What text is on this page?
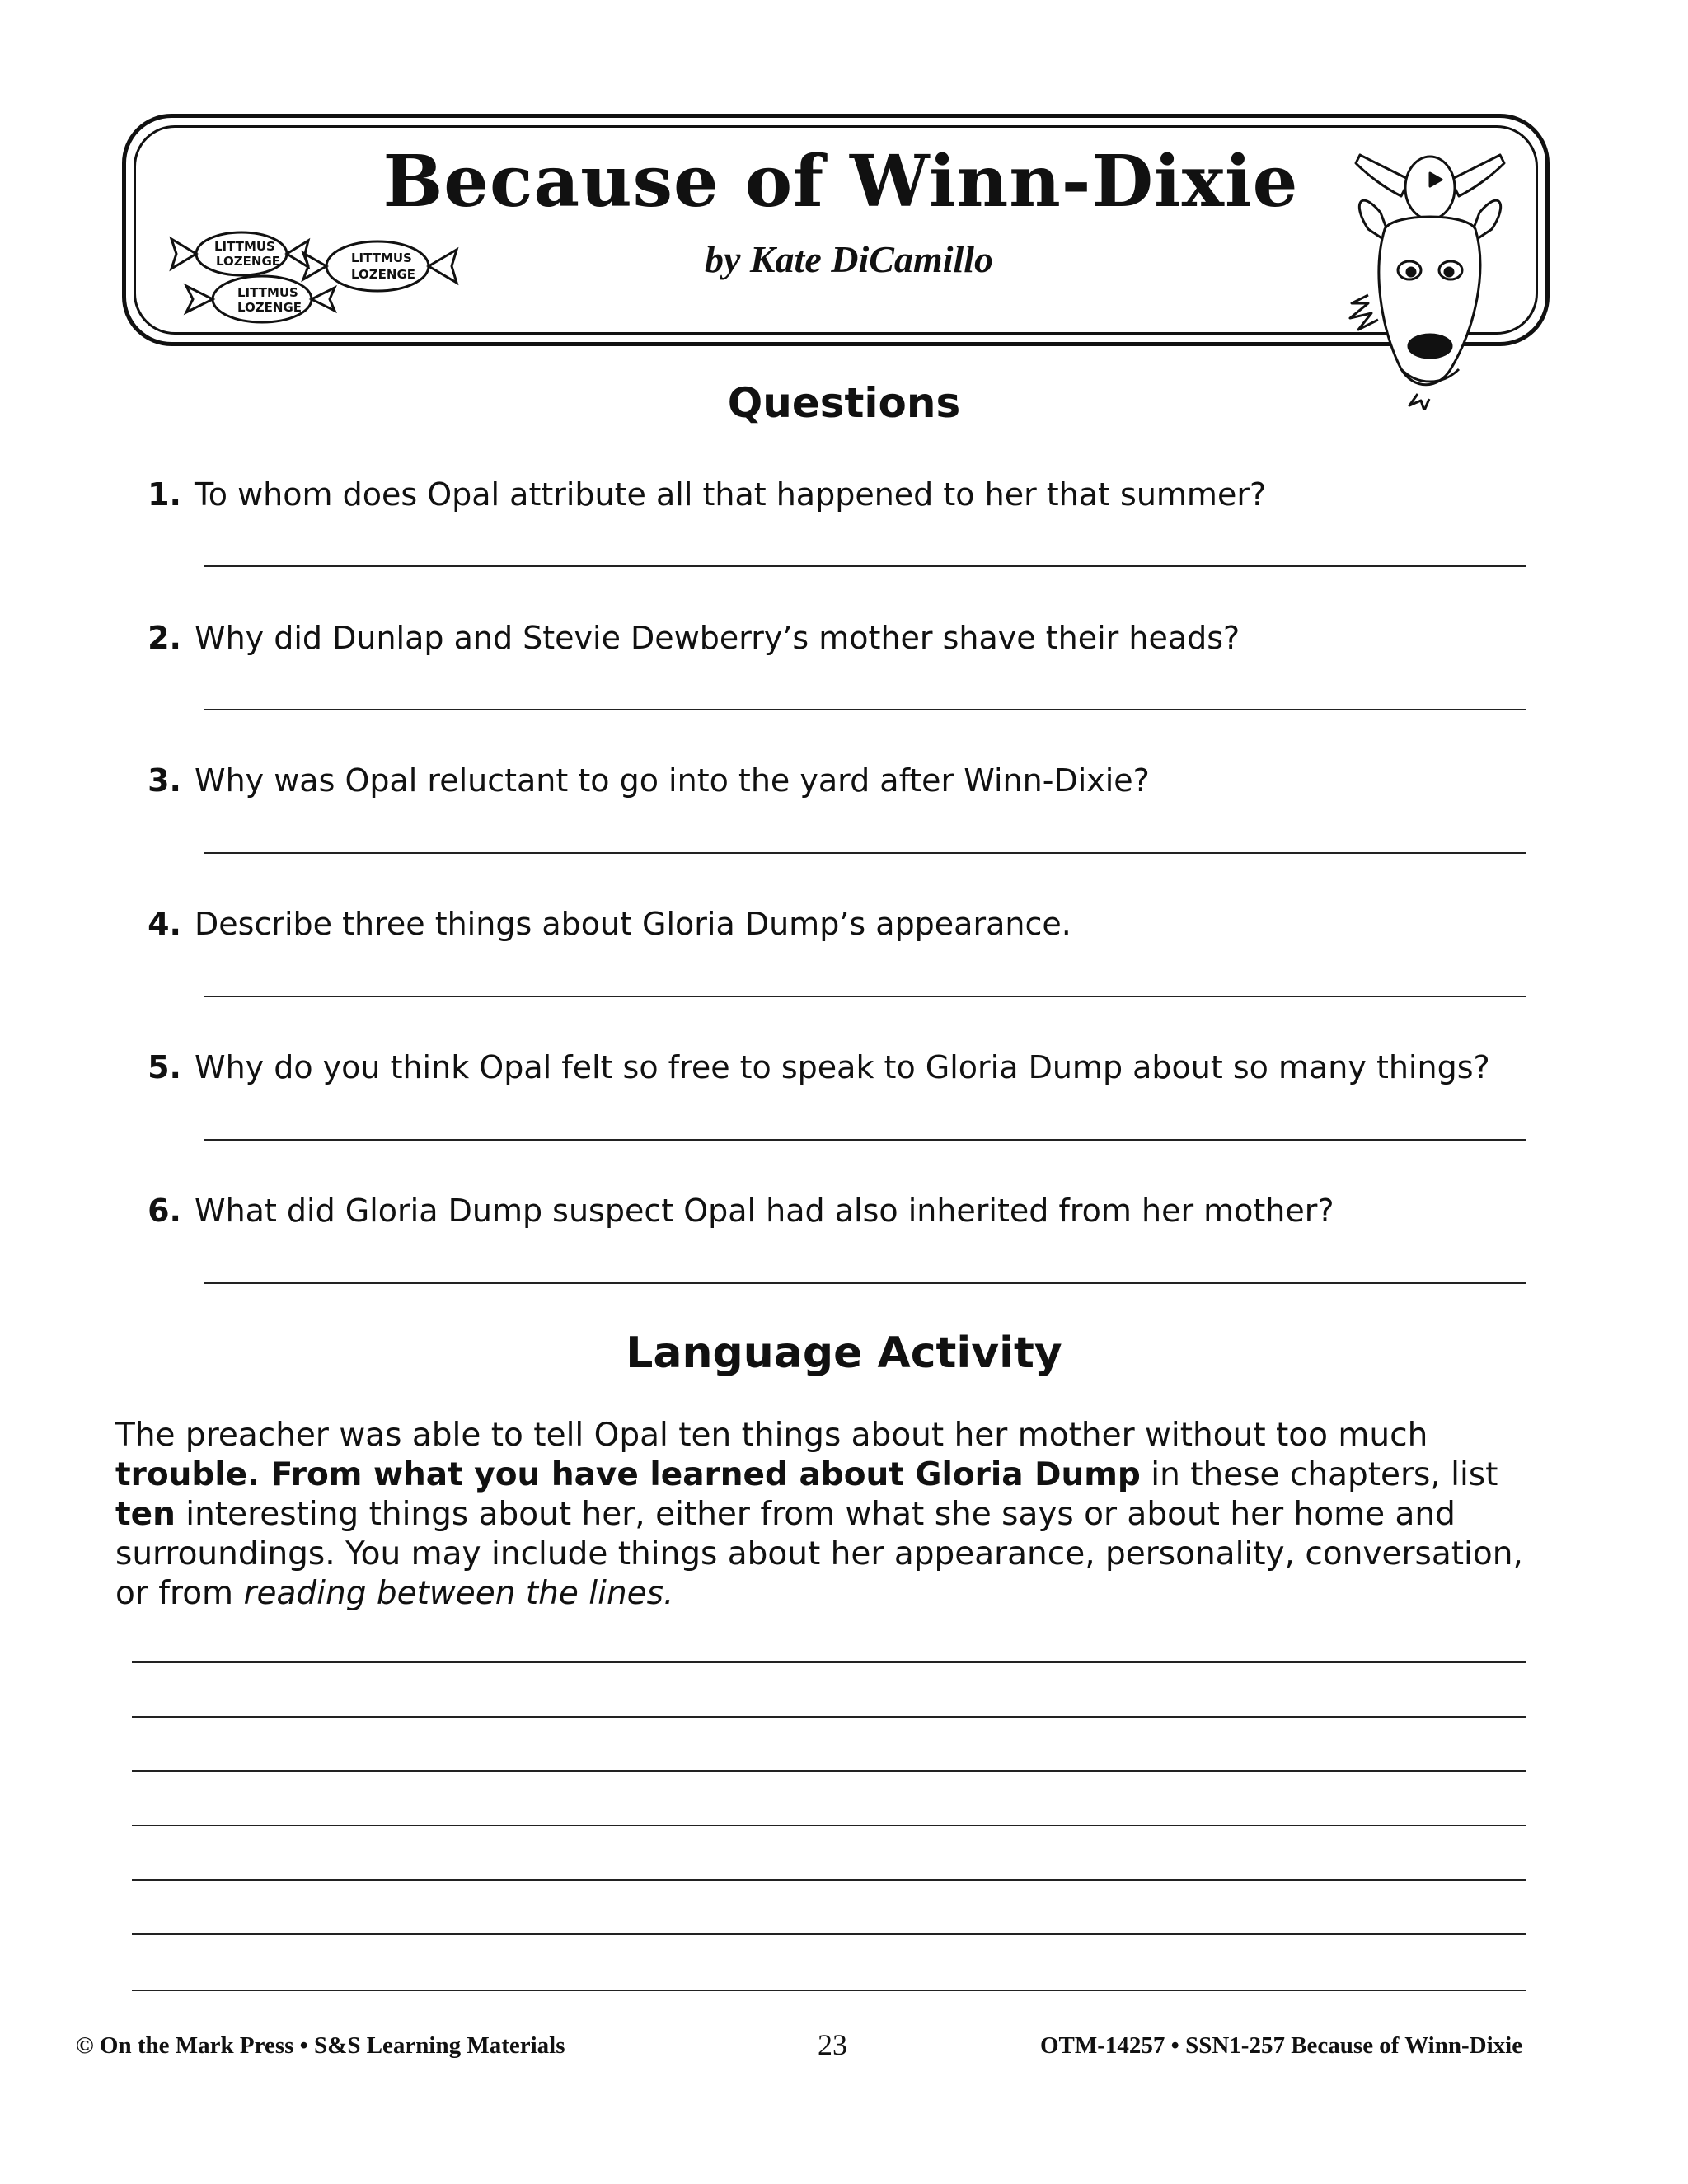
Because of Winn-Dixie
by Kate DiCamillo
LITTMUS
LOZENGE
LITTMUS
LOZENGE
LITTMUS
LOZENGE
Questions
1. To whom does Opal attribute all that happened to her that summer?
2. Why did Dunlap and Stevie Dewberry’s mother shave their heads?
3. Why was Opal reluctant to go into the yard after Winn-Dixie?
4. Describe three things about Gloria Dump’s appearance.
5. Why do you think Opal felt so free to speak to Gloria Dump about so many things?
6. What did Gloria Dump suspect Opal had also inherited from her mother?
Language Activity
The preacher was able to tell Opal ten things about her mother without too much trouble. From what you have learned about Gloria Dump in these chapters, list ten interesting things about her, either from what she says or about her home and surroundings. You may include things about her appearance, personality, conversation, or from reading between the lines.
© On the Mark Press • S&S Learning Materials	23	OTM-14257 • SSN1-257 Because of Winn-Dixie
